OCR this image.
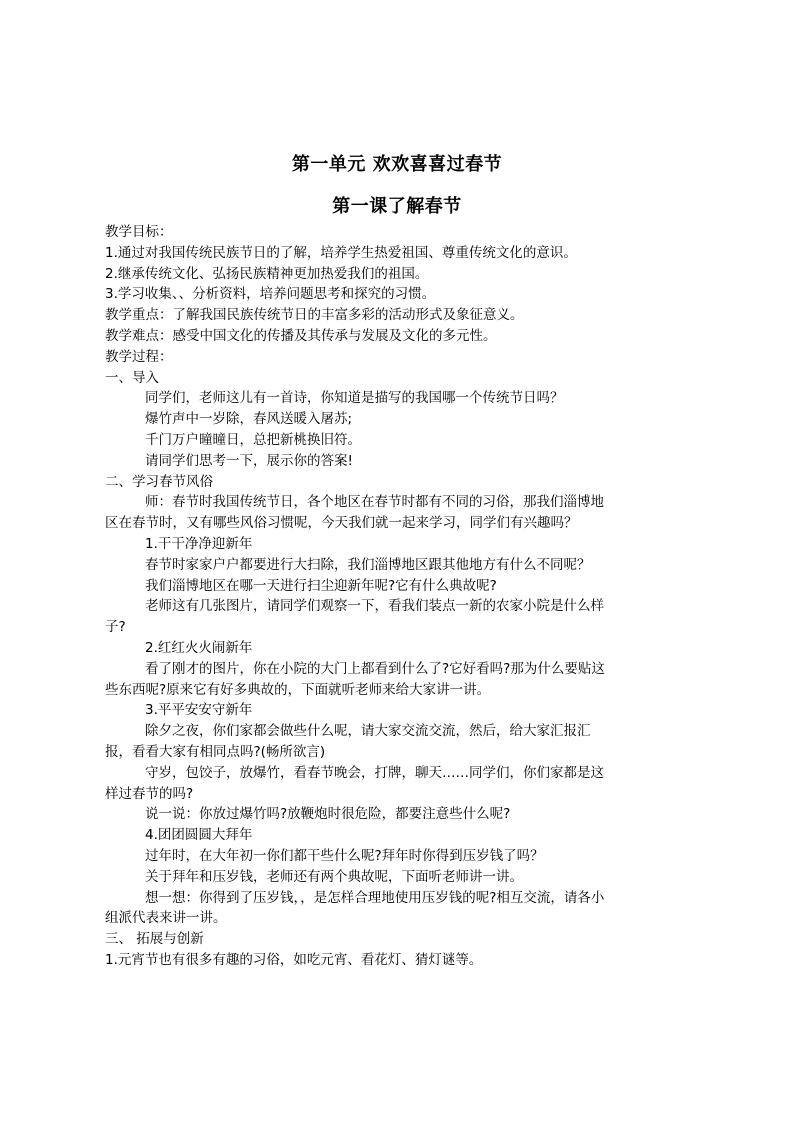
第一单元 欢欢喜喜过春节
第一课了解春节
教学目标：
1.通过对我国传统民族节日的了解，培养学生热爱祖国、尊重传统文化的意识。
2.继承传统文化、弘扬民族精神更加热爱我们的祖国。
3.学习收集、、分析资料，培养问题思考和探究的习惯。
教学重点：了解我国民族传统节日的丰富多彩的活动形式及象征意义。
教学难点：感受中国文化的传播及其传承与发展及文化的多元性。
教学过程：
一、导入
同学们，老师这儿有一首诗，你知道是描写的我国哪一个传统节日吗？
爆竹声中一岁除，春风送暖入屠苏;
千门万户曈曈日，总把新桃换旧符。
请同学们思考一下，展示你的答案!
二、学习春节风俗
师：春节时我国传统节日，各个地区在春节时都有不同的习俗，那我们淄博地
区在春节时，又有哪些风俗习惯呢，今天我们就一起来学习，同学们有兴趣吗？
1.干干净净迎新年
春节时家家户户都要进行大扫除，我们淄博地区跟其他地方有什么不同呢？
我们淄博地区在哪一天进行扫尘迎新年呢?它有什么典故呢?
老师这有几张图片，请同学们观察一下，看我们装点一新的农家小院是什么样
子?
2.红红火火闹新年
看了刚才的图片，你在小院的大门上都看到什么了?它好看吗?那为什么要贴这
些东西呢?原来它有好多典故的，下面就听老师来给大家讲一讲。
3.平平安安守新年
除夕之夜，你们家都会做些什么呢，请大家交流交流，然后，给大家汇报汇
报，看看大家有相同点吗?(畅所欲言)
守岁，包饺子，放爆竹，看春节晚会，打牌，聊天……同学们，你们家都是这
样过春节的吗?
说一说：你放过爆竹吗?放鞭炮时很危险，都要注意些什么呢?
4.团团圆圆大拜年
过年时，在大年初一你们都干些什么呢?拜年时你得到压岁钱了吗？
关于拜年和压岁钱，老师还有两个典故呢，下面听老师讲一讲。
想一想：你得到了压岁钱，，是怎样合理地使用压岁钱的呢?相互交流，请各小
组派代表来讲一讲。
三、 拓展与创新
1.元宵节也有很多有趣的习俗，如吃元宵、看花灯、猜灯谜等。
